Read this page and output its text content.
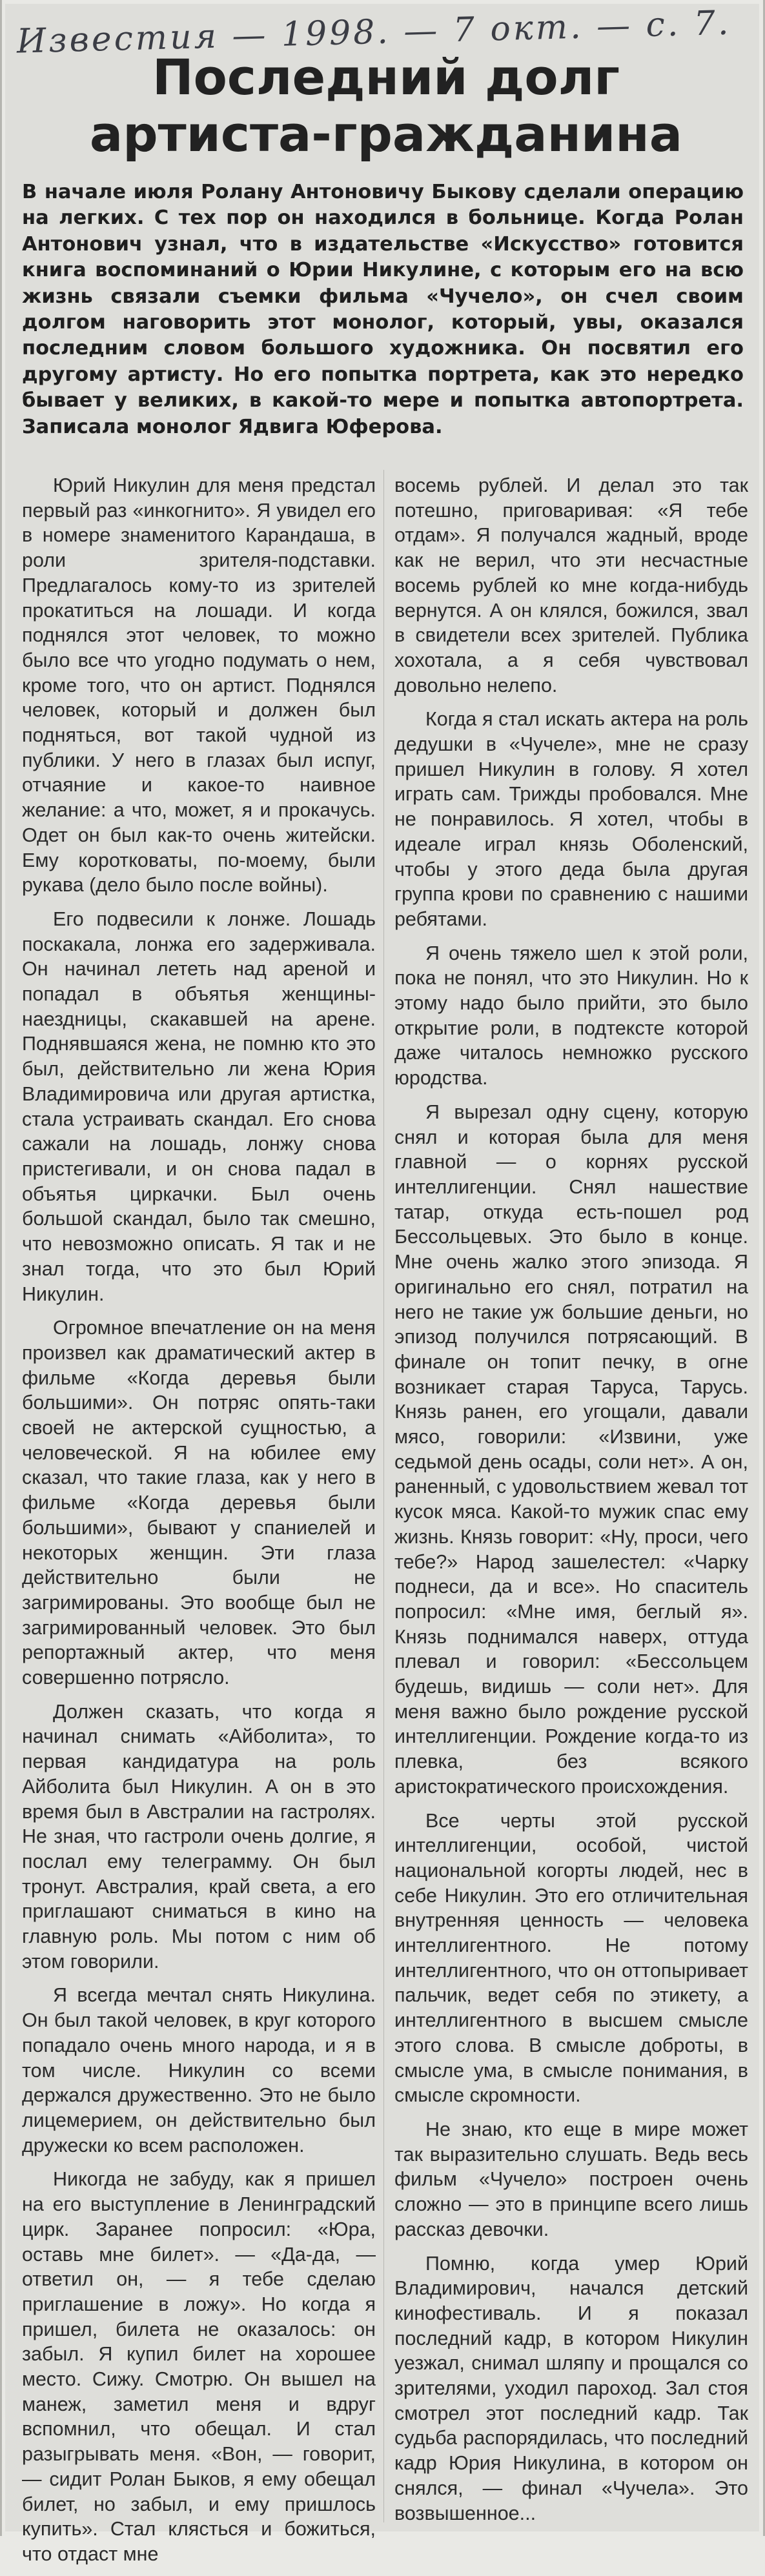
Известия — 1998. — 7 окт. — с. 7.
Последний долг артиста-гражданина

В начале июля Ролану Антоновичу Быкову сделали операцию на легких. С тех пор он находился в больнице. Когда Ролан Антонович узнал, что в издательстве «Искусство» готовится книга воспоминаний о Юрии Никулине, с которым его на всю жизнь связали съемки фильма «Чучело», он счел своим долгом наговорить этот монолог, который, увы, оказался последним словом большого художника. Он посвятил его другому артисту. Но его попытка портрета, как это нередко бывает у великих, в какой-то мере и попытка автопортрета. Записала монолог Ядвига Юферова.

Юрий Никулин для меня предстал первый раз «инкогнито». Я увидел его в номере знаменитого Карандаша, в роли зрителя-подставки. Предлагалось кому-то из зрителей прокатиться на лошади. И когда поднялся этот человек, то можно было все что угодно подумать о нем, кроме того, что он артист. Поднялся человек, который и должен был подняться, вот такой чудной из публики. У него в глазах был испуг, отчаяние и какое-то наивное желание: а что, может, я и прокачусь. Одет он был как-то очень житейски. Ему коротковаты, по-моему, были рукава (дело было после войны).

Его подвесили к лонже. Лошадь поскакала, лонжа его задерживала. Он начинал лететь над ареной и попадал в объятья женщины-наездницы, скакавшей на арене. Поднявшаяся жена, не помню кто это был, действительно ли жена Юрия Владимировича или другая артистка, стала устраивать скандал. Его снова сажали на лошадь, лонжу снова пристегивали, и он снова падал в объятья циркачки. Был очень большой скандал, было так смешно, что невозможно описать. Я так и не знал тогда, что это был Юрий Никулин.

Огромное впечатление он на меня произвел как драматический актер в фильме «Когда деревья были большими». Он потряс опять-таки своей не актерской сущностью, а человеческой. Я на юбилее ему сказал, что такие глаза, как у него в фильме «Когда деревья были большими», бывают у спаниелей и некоторых женщин. Эти глаза действительно были не загримированы. Это вообще был не загримированный человек. Это был репортажный актер, что меня совершенно потрясло.

Должен сказать, что когда я начинал снимать «Айболита», то первая кандидатура на роль Айболита был Никулин. А он в это время был в Австралии на гастролях. Не зная, что гастроли очень долгие, я послал ему телеграмму. Он был тронут. Австралия, край света, а его приглашают сниматься в кино на главную роль. Мы потом с ним об этом говорили.

Я всегда мечтал снять Никулина. Он был такой человек, в круг которого попадало очень много народа, и я в том числе. Никулин со всеми держался дружественно. Это не было лицемерием, он действительно был дружески ко всем расположен.

Никогда не забуду, как я пришел на его выступление в Ленинградский цирк. Заранее попросил: «Юра, оставь мне билет». — «Да-да, — ответил он, — я тебе сделаю приглашение в ложу». Но когда я пришел, билета не оказалось: он забыл. Я купил билет на хорошее место. Сижу. Смотрю. Он вышел на манеж, заметил меня и вдруг вспомнил, что обещал. И стал разыгрывать меня. «Вон, — говорит, — сидит Ролан Быков, я ему обещал билет, но забыл, и ему пришлось купить». Стал клясться и божиться, что отдаст мне

восемь рублей. И делал это так потешно, приговаривая: «Я тебе отдам». Я получался жадный, вроде как не верил, что эти несчастные восемь рублей ко мне когда-нибудь вернутся. А он клялся, божился, звал в свидетели всех зрителей. Публика хохотала, а я себя чувствовал довольно нелепо.

Когда я стал искать актера на роль дедушки в «Чучеле», мне не сразу пришел Никулин в голову. Я хотел играть сам. Трижды пробовался. Мне не понравилось. Я хотел, чтобы в идеале играл князь Оболенский, чтобы у этого деда была другая группа крови по сравнению с нашими ребятами.

Я очень тяжело шел к этой роли, пока не понял, что это Никулин. Но к этому надо было прийти, это было открытие роли, в подтексте которой даже читалось немножко русского юродства.

Я вырезал одну сцену, которую снял и которая была для меня главной — о корнях русской интеллигенции. Снял нашествие татар, откуда есть-пошел род Бессольцевых. Это было в конце. Мне очень жалко этого эпизода. Я оригинально его снял, потратил на него не такие уж большие деньги, но эпизод получился потрясающий. В финале он топит печку, в огне возникает старая Таруса, Тарусь. Князь ранен, его угощали, давали мясо, говорили: «Извини, уже седьмой день осады, соли нет». А он, раненный, с удовольствием жевал тот кусок мяса. Какой-то мужик спас ему жизнь. Князь говорит: «Ну, проси, чего тебе?» Народ зашелестел: «Чарку поднеси, да и все». Но спаситель попросил: «Мне имя, беглый я». Князь поднимался наверх, оттуда плевал и говорил: «Бессольцем будешь, видишь — соли нет». Для меня важно было рождение русской интеллигенции. Рождение когда-то из плевка, без всякого аристократического происхождения.

Все черты этой русской интеллигенции, особой, чистой национальной когорты людей, нес в себе Никулин. Это его отличительная внутренняя ценность — человека интеллигентного. Не потому интеллигентного, что он оттопыривает пальчик, ведет себя по этикету, а интеллигентного в высшем смысле этого слова. В смысле доброты, в смысле ума, в смысле понимания, в смысле скромности.

Не знаю, кто еще в мире может так выразительно слушать. Ведь весь фильм «Чучело» построен очень сложно — это в принципе всего лишь рассказ девочки.

Помню, когда умер Юрий Владимирович, начался детский кинофестиваль. И я показал последний кадр, в котором Никулин уезжал, снимал шляпу и прощался со зрителями, уходил пароход. Зал стоя смотрел этот последний кадр. Так судьба распорядилась, что последний кадр Юрия Никулина, в котором он снялся, — финал «Чучела». Это возвышенное...
